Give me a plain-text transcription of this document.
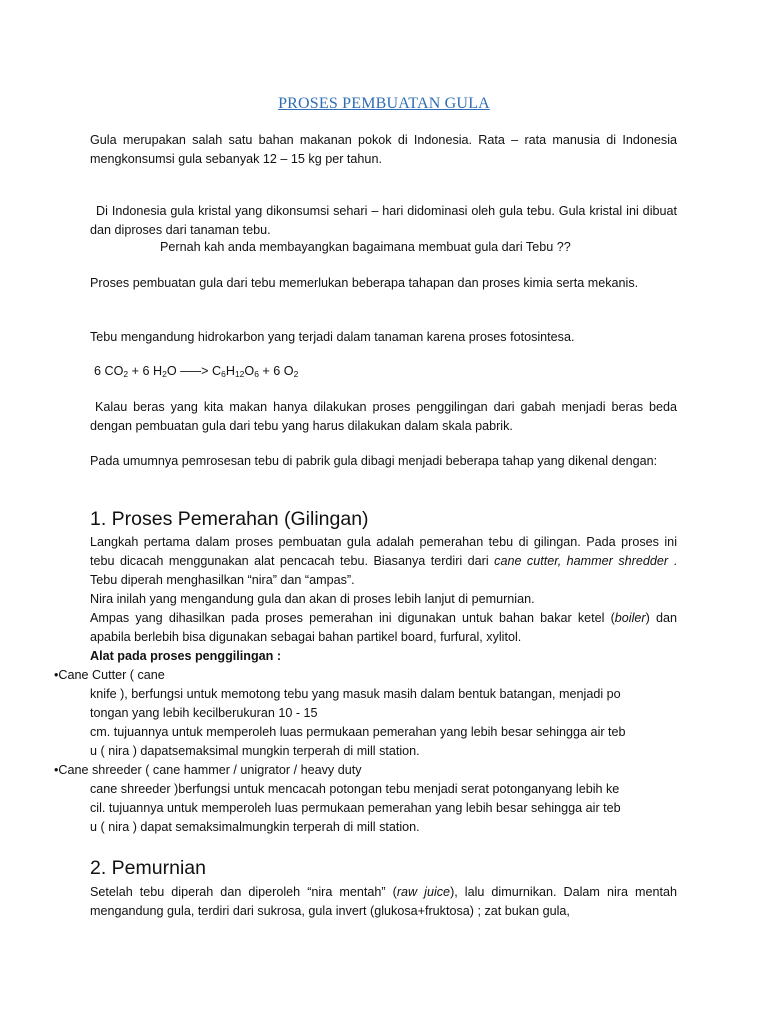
PROSES PEMBUATAN GULA
Gula merupakan salah satu bahan makanan pokok di Indonesia. Rata – rata manusia di Indonesia mengkonsumsi gula sebanyak 12 – 15 kg per tahun.
Di Indonesia gula kristal yang dikonsumsi sehari – hari didominasi oleh gula tebu. Gula kristal ini dibuat dan diproses dari tanaman tebu.
Pernah kah anda membayangkan bagaimana membuat gula dari Tebu ??
Proses pembuatan gula dari tebu memerlukan beberapa tahapan dan proses kimia serta mekanis.
Tebu mengandung hidrokarbon yang terjadi dalam tanaman karena proses fotosintesa.
6 $CO_2 + 6$ $H_2O$ –––> $C_6H_{12}O_6 + 6$ $O_2$
Kalau beras yang kita makan hanya dilakukan proses penggilingan dari gabah menjadi beras beda dengan pembuatan gula dari tebu yang harus dilakukan dalam skala pabrik.
Pada umumnya pemrosesan tebu di pabrik gula dibagi menjadi beberapa tahap yang dikenal dengan:
1. Proses Pemerahan (Gilingan)
Langkah pertama dalam proses pembuatan gula adalah pemerahan tebu di gilingan. Pada proses ini tebu dicacah menggunakan alat pencacah tebu. Biasanya terdiri dari cane cutter, hammer shredder . Tebu diperah menghasilkan “nira” dan “ampas”.
Nira inilah yang mengandung gula dan akan di proses lebih lanjut di pemurnian.
Ampas yang dihasilkan pada proses pemerahan ini digunakan untuk bahan bakar ketel (boiler) dan apabila berlebih bisa digunakan sebagai bahan partikel board, furfural, xylitol.
Alat pada proses penggilingan :
•Cane Cutter ( cane
knife ), berfungsi untuk memotong tebu yang masuk masih dalam bentuk batangan, menjadi po
tongan yang lebih kecilberukuran 10 - 15
cm. tujuannya untuk memperoleh luas permukaan pemerahan yang lebih besar sehingga air teb
u ( nira ) dapatsemaksimal mungkin terperah di mill station.
•Cane shreeder ( cane hammer / unigrator / heavy duty
cane shreeder )berfungsi untuk mencacah potongan tebu menjadi serat potonganyang lebih ke
cil. tujuannya untuk memperoleh luas permukaan pemerahan yang lebih besar sehingga air teb
u ( nira ) dapat semaksimalmungkin terperah di mill station.
2. Pemurnian
Setelah tebu diperah dan diperoleh “nira mentah” (raw juice), lalu dimurnikan. Dalam nira mentah mengandung gula, terdiri dari sukrosa, gula invert (glukosa+fruktosa) ; zat bukan gula,
